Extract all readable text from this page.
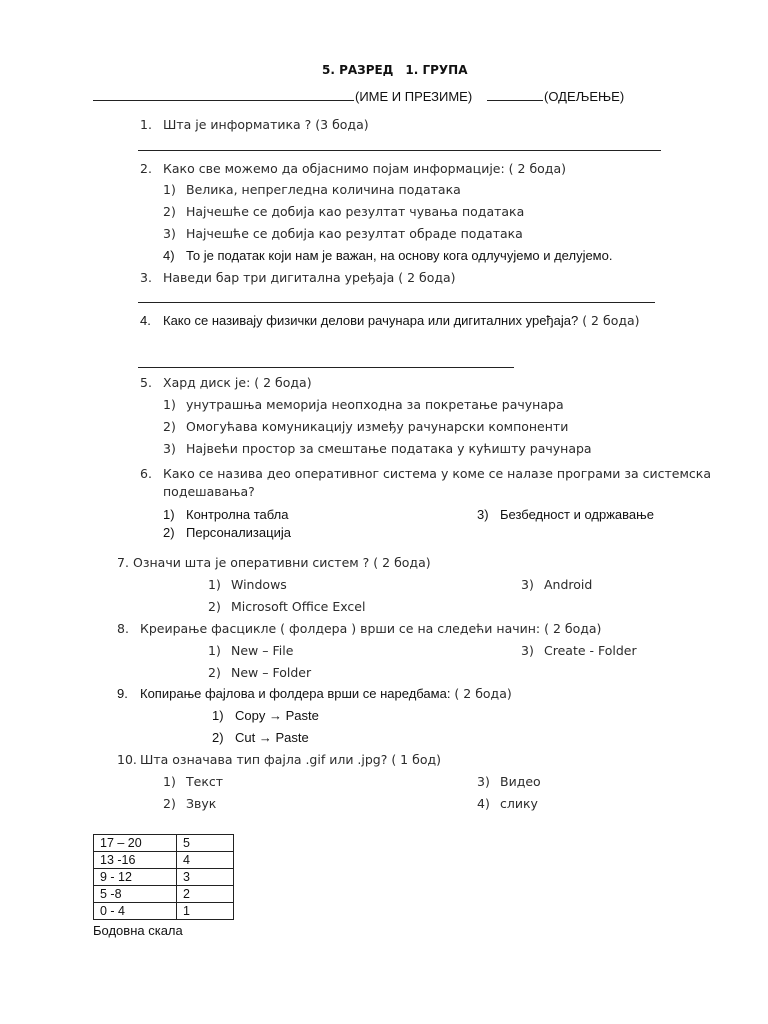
5. РАЗРЕД 1. ГРУПА
(ИМЕ И ПРЕЗИМЕ)	(ОДЕЉЕЊЕ)
1. Шта је информатика ? (3 бода)
2. Како све можемо да објаснимо појам информације: ( 2 бода)
1) Велика, непрегледна количина података
2) Најчешће се добија као резултат чувања података
3) Најчешће се добија као резултат обраде података
4) То је податак који нам је важан, на основу кога одлучујемо и делујемо.
3. Наведи бар три дигитална уређаја ( 2 бода)
4. Како се називају физички делови рачунара или дигиталних уређаја? ( 2 бода)
5. Хард диск је: ( 2 бода)
1) унутрашња меморија неопходна за покретање рачунара
2) Омогућава комуникацију између рачунарски компоненти
3) Највећи простор за смештање података у кућишту рачунара
6. Како се назива део оперативног система у коме се налазе програми за системска
подешавања?
1) Контролна табла
2) Персонализација
3) Безбедност и одржавање
7. Означи шта је оперативни систем ? ( 2 бода)
1) Windows
2) Microsoft Office Excel
3) Android
8. Креирање фасцикле ( фолдера ) врши се на следећи начин: ( 2 бода)
1) New – File
2) New – Folder
3) Create - Folder
9. Копирање фајлова и фолдера врши се наредбама: ( 2 бода)
1) Copy → Paste
2) Cut → Paste
10. Шта означава тип фајла .gif или .jpg? ( 1 бод)
1) Текст
2) Звук
3) Видео
4) слику
17 – 20	5
13 -16	4
9 - 12	3
5 -8	2
0 - 4	1
Бодовна скала
